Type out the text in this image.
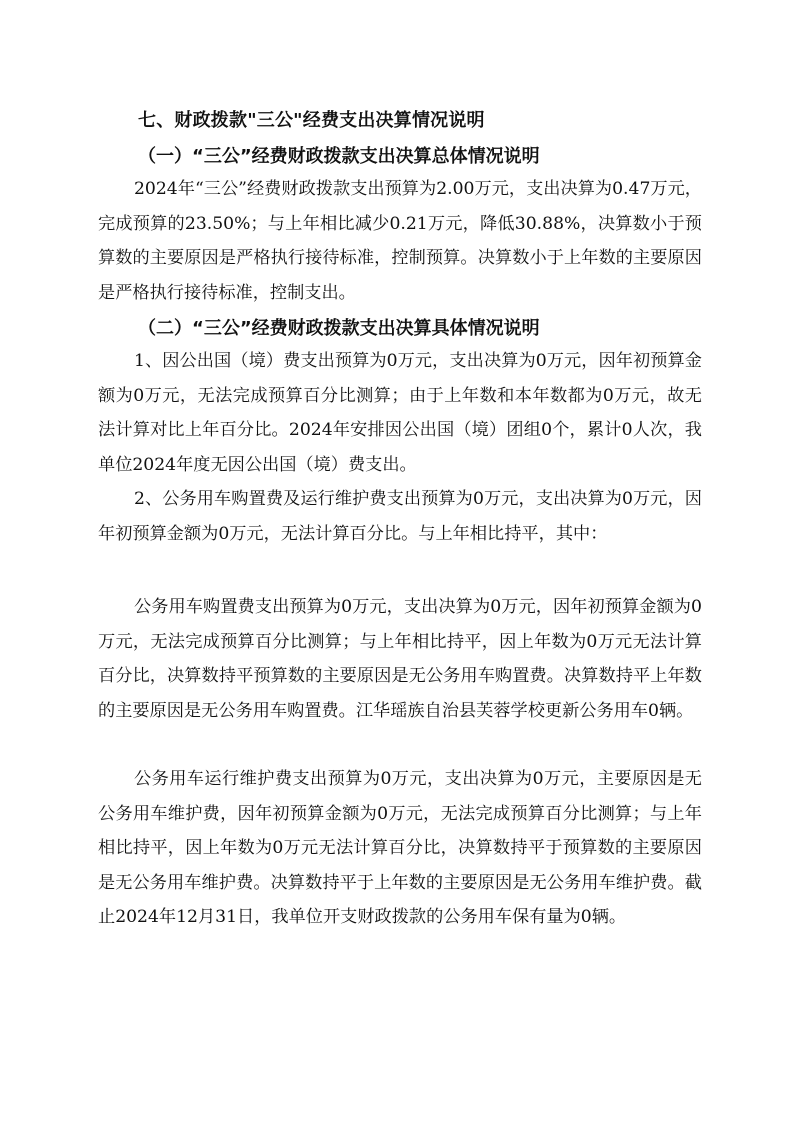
七、财政拨款"三公"经费支出决算情况说明
（一）“三公”经费财政拨款支出决算总体情况说明
2024年“三公”经费财政拨款支出预算为2.00万元，支出决算为0.47万元，完成预算的23.50%；与上年相比减少0.21万元，降低30.88%，决算数小于预算数的主要原因是严格执行接待标准，控制预算。决算数小于上年数的主要原因是严格执行接待标准，控制支出。
（二）“三公”经费财政拨款支出决算具体情况说明
1、因公出国（境）费支出预算为0万元，支出决算为0万元，因年初预算金额为0万元，无法完成预算百分比测算；由于上年数和本年数都为0万元，故无法计算对比上年百分比。2024年安排因公出国（境）团组0个，累计0人次，我单位2024年度无因公出国（境）费支出。
2、公务用车购置费及运行维护费支出预算为0万元，支出决算为0万元，因年初预算金额为0万元，无法计算百分比。与上年相比持平，其中：
公务用车购置费支出预算为0万元，支出决算为0万元，因年初预算金额为0万元，无法完成预算百分比测算；与上年相比持平，因上年数为0万元无法计算百分比，决算数持平预算数的主要原因是无公务用车购置费。决算数持平上年数的主要原因是无公务用车购置费。江华瑶族自治县芙蓉学校更新公务用车0辆。
公务用车运行维护费支出预算为0万元，支出决算为0万元，主要原因是无公务用车维护费，因年初预算金额为0万元，无法完成预算百分比测算；与上年相比持平，因上年数为0万元无法计算百分比，决算数持平于预算数的主要原因是无公务用车维护费。决算数持平于上年数的主要原因是无公务用车维护费。截止2024年12月31日，我单位开支财政拨款的公务用车保有量为0辆。
